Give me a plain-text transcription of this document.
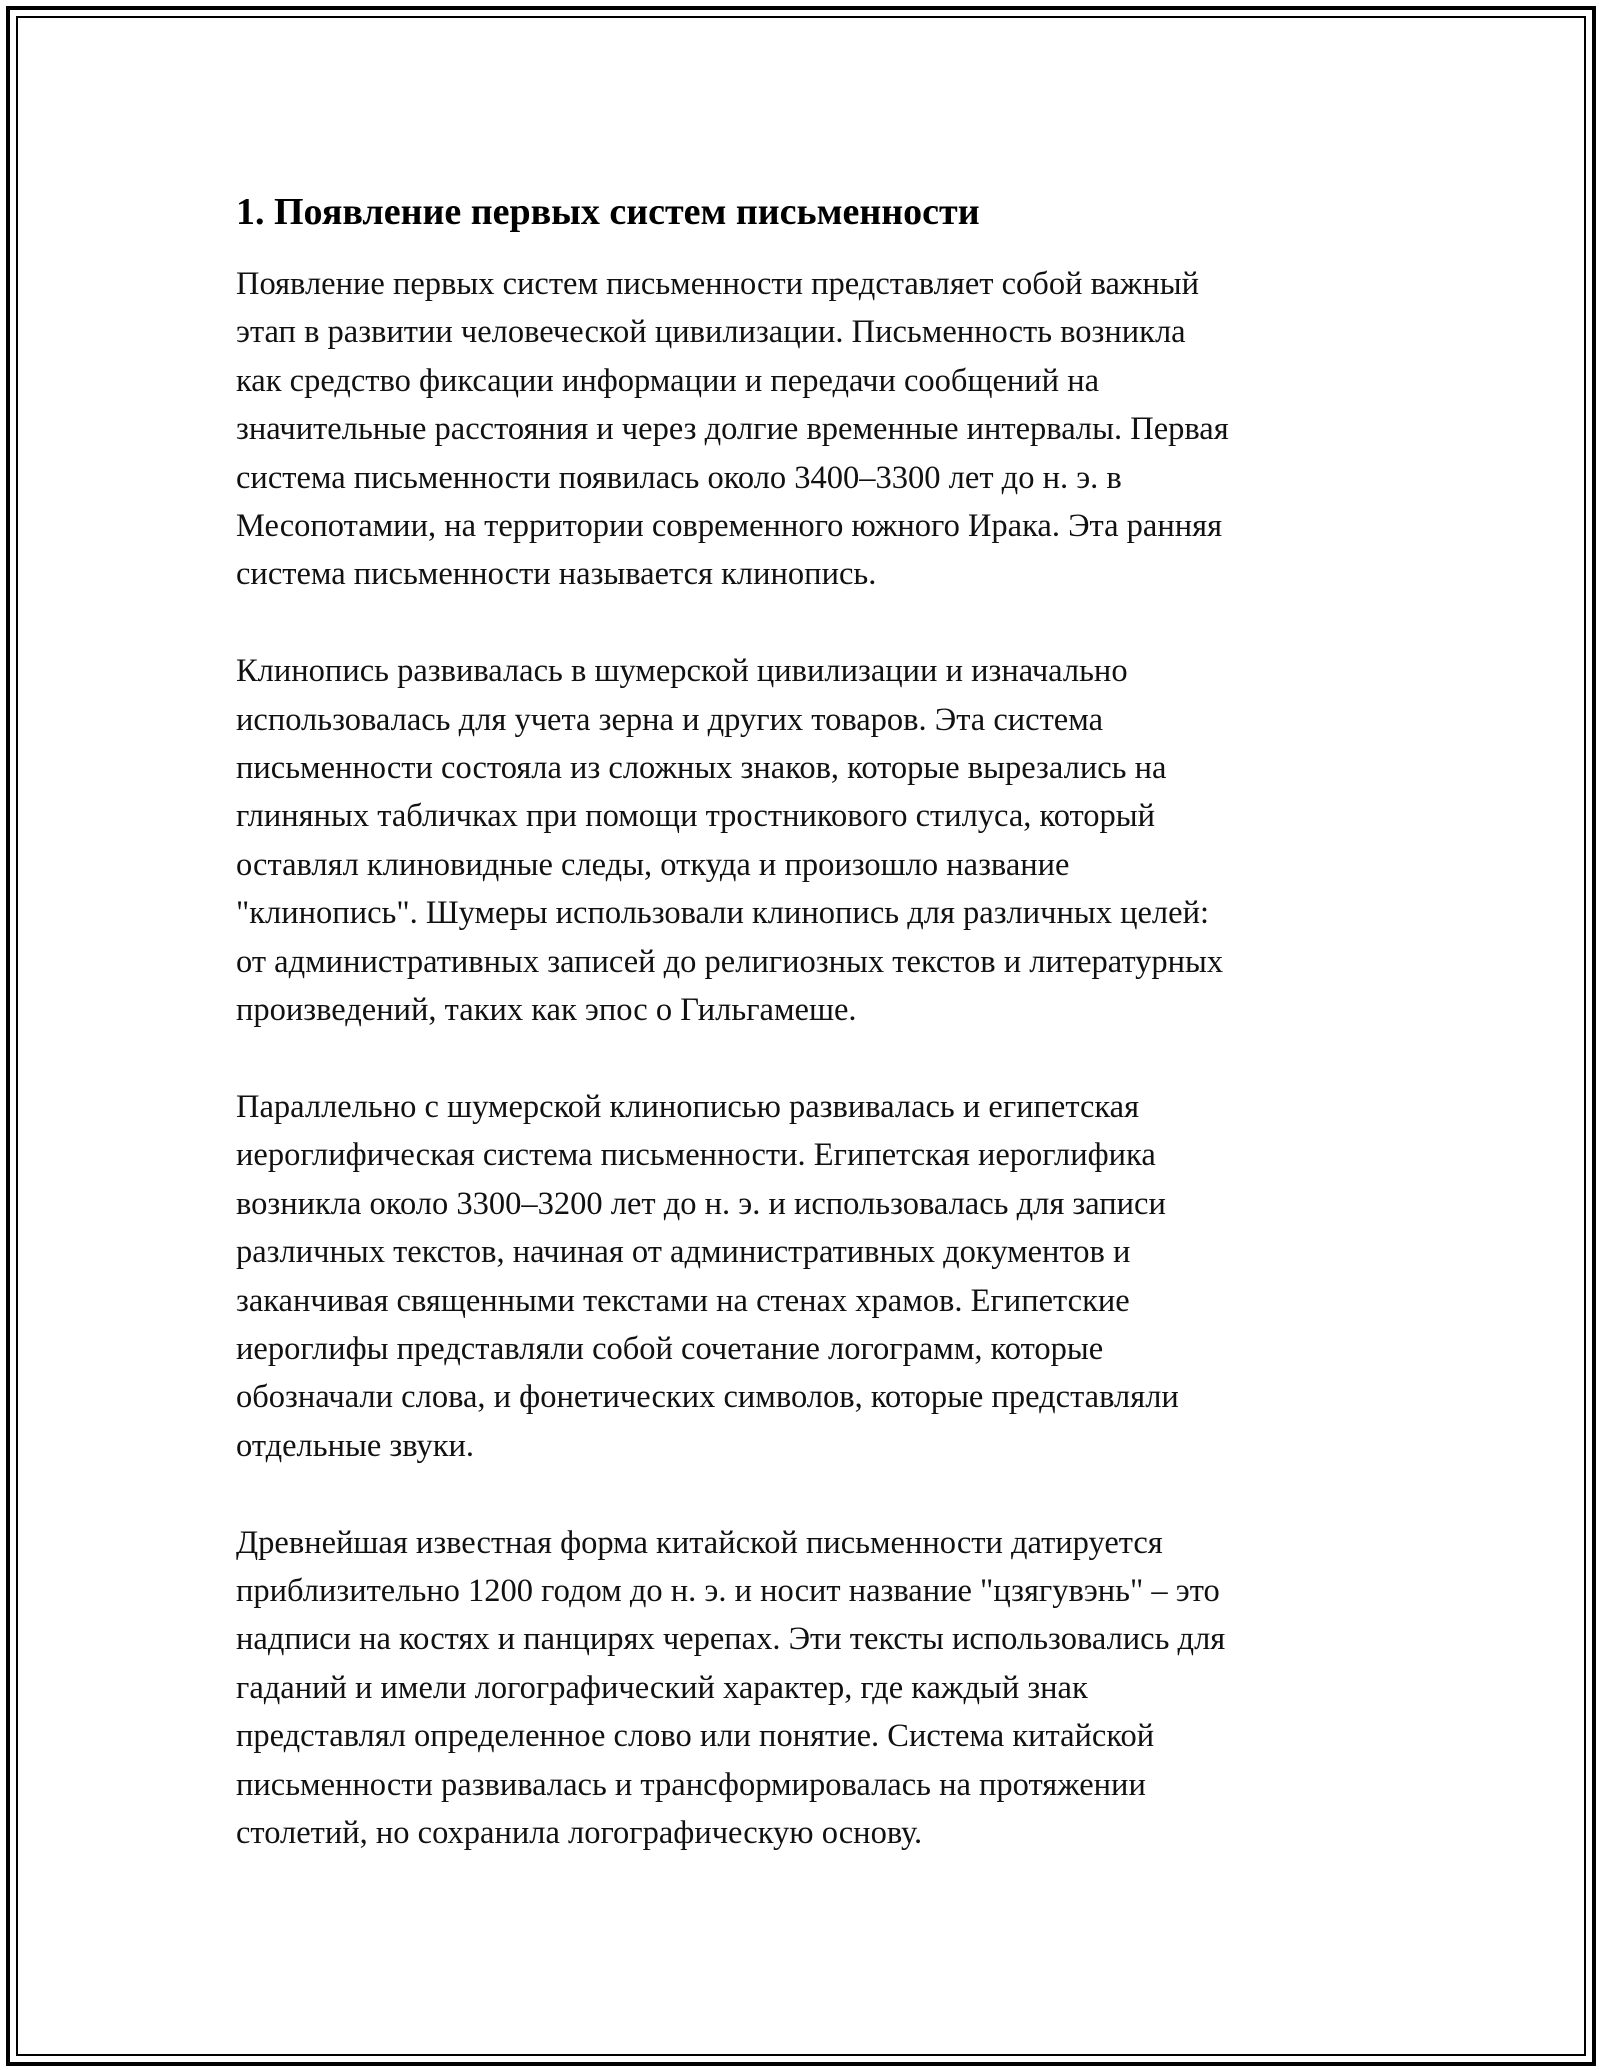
1. Появление первых систем письменности
Появление первых систем письменности представляет собой важный
этап в развитии человеческой цивилизации. Письменность возникла
как средство фиксации информации и передачи сообщений на
значительные расстояния и через долгие временные интервалы. Первая
система письменности появилась около 3400–3300 лет до н. э. в
Месопотамии, на территории современного южного Ирака. Эта ранняя
система письменности называется клинопись.
Клинопись развивалась в шумерской цивилизации и изначально
использовалась для учета зерна и других товаров. Эта система
письменности состояла из сложных знаков, которые вырезались на
глиняных табличках при помощи тростникового стилуса, который
оставлял клиновидные следы, откуда и произошло название
"клинопись". Шумеры использовали клинопись для различных целей:
от административных записей до религиозных текстов и литературных
произведений, таких как эпос о Гильгамеше.
Параллельно с шумерской клинописью развивалась и египетская
иероглифическая система письменности. Египетская иероглифика
возникла около 3300–3200 лет до н. э. и использовалась для записи
различных текстов, начиная от административных документов и
заканчивая священными текстами на стенах храмов. Египетские
иероглифы представляли собой сочетание логограмм, которые
обозначали слова, и фонетических символов, которые представляли
отдельные звуки.
Древнейшая известная форма китайской письменности датируется
приблизительно 1200 годом до н. э. и носит название "цзягувэнь" – это
надписи на костях и панцирях черепах. Эти тексты использовались для
гаданий и имели логографический характер, где каждый знак
представлял определенное слово или понятие. Система китайской
письменности развивалась и трансформировалась на протяжении
столетий, но сохранила логографическую основу.
